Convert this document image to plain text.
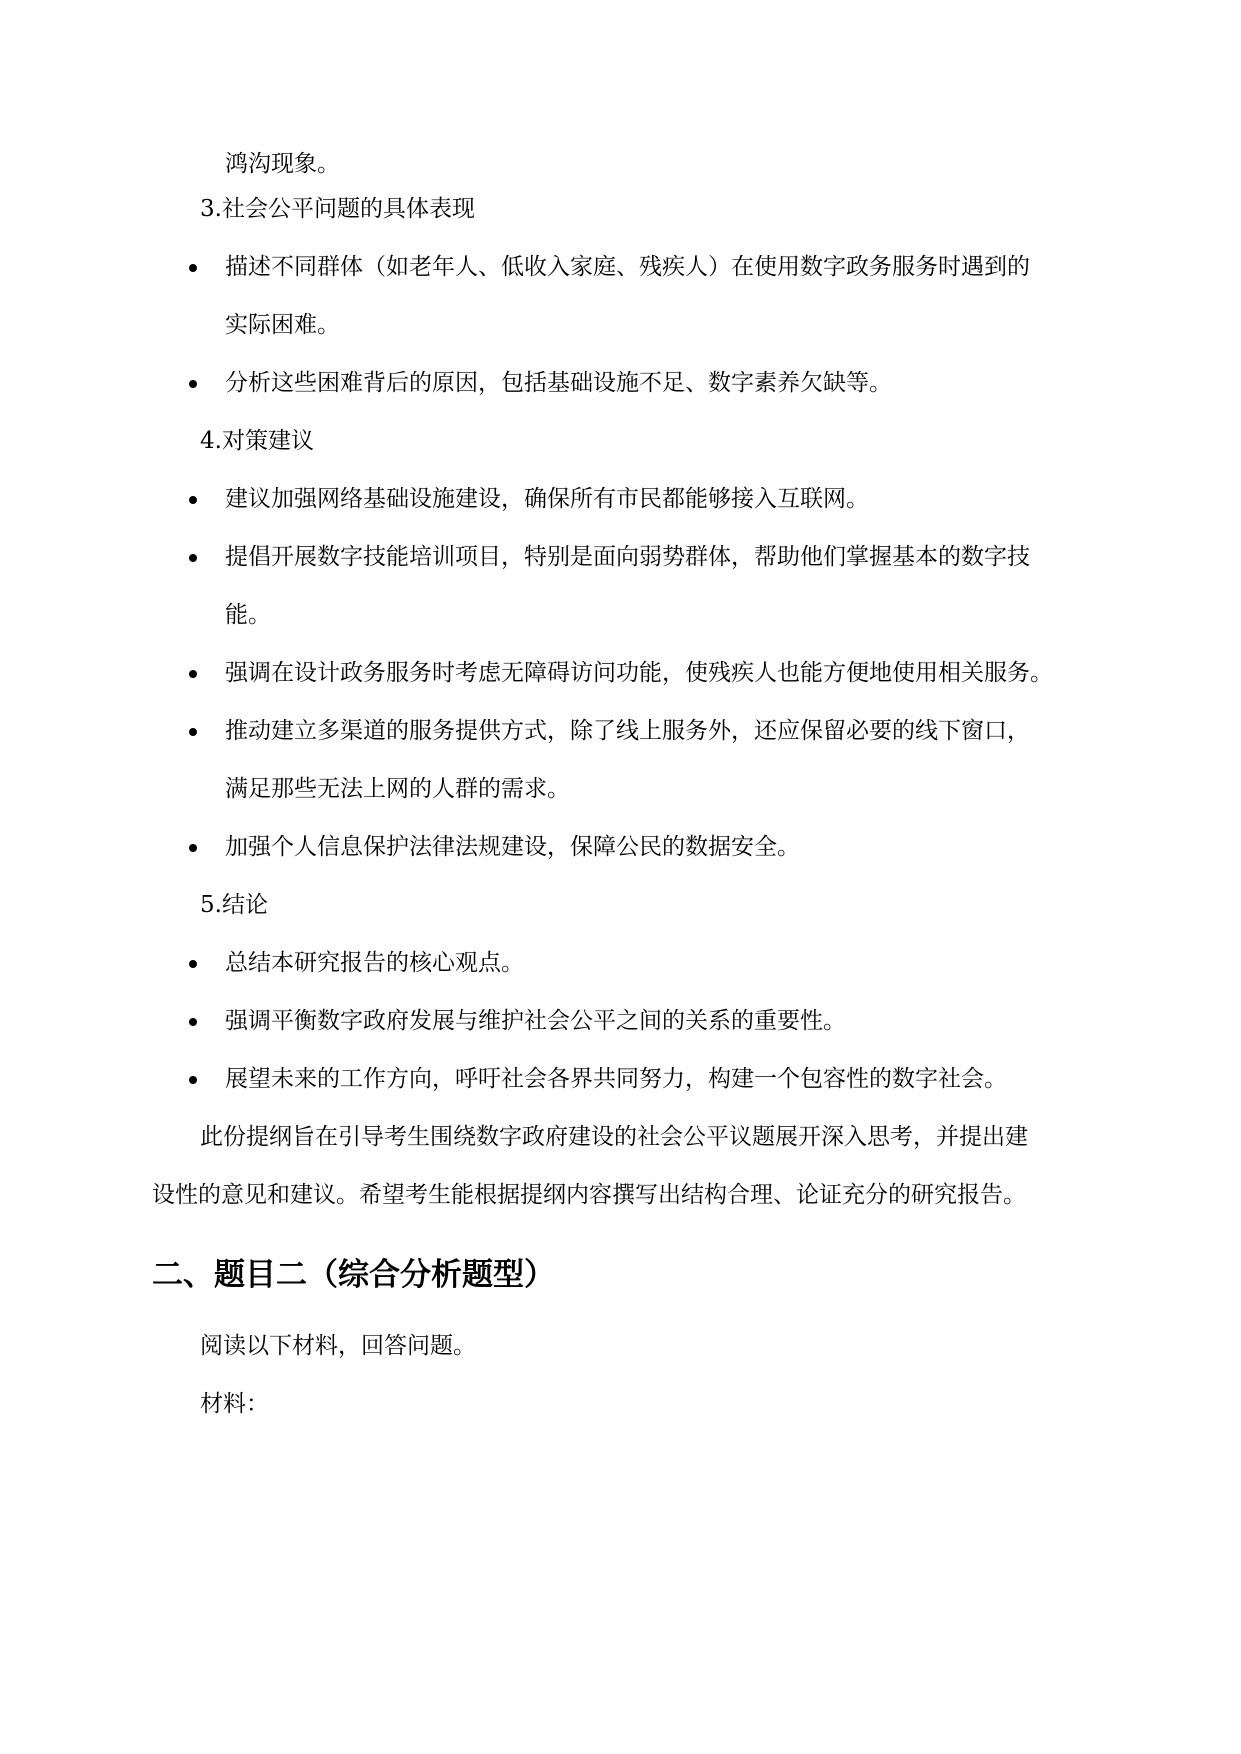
鸿沟现象。
3.社会公平问题的具体表现
描述不同群体（如老年人、低收入家庭、残疾人）在使用数字政务服务时遇到的
实际困难。
分析这些困难背后的原因，包括基础设施不足、数字素养欠缺等。
4.对策建议
建议加强网络基础设施建设，确保所有市民都能够接入互联网。
提倡开展数字技能培训项目，特别是面向弱势群体，帮助他们掌握基本的数字技
能。
强调在设计政务服务时考虑无障碍访问功能，使残疾人也能方便地使用相关服务。
推动建立多渠道的服务提供方式，除了线上服务外，还应保留必要的线下窗口，
满足那些无法上网的人群的需求。
加强个人信息保护法律法规建设，保障公民的数据安全。
5.结论
总结本研究报告的核心观点。
强调平衡数字政府发展与维护社会公平之间的关系的重要性。
展望未来的工作方向，呼吁社会各界共同努力，构建一个包容性的数字社会。
此份提纲旨在引导考生围绕数字政府建设的社会公平议题展开深入思考，并提出建
设性的意见和建议。希望考生能根据提纲内容撰写出结构合理、论证充分的研究报告。
二、题目二（综合分析题型）
阅读以下材料，回答问题。
材料：
